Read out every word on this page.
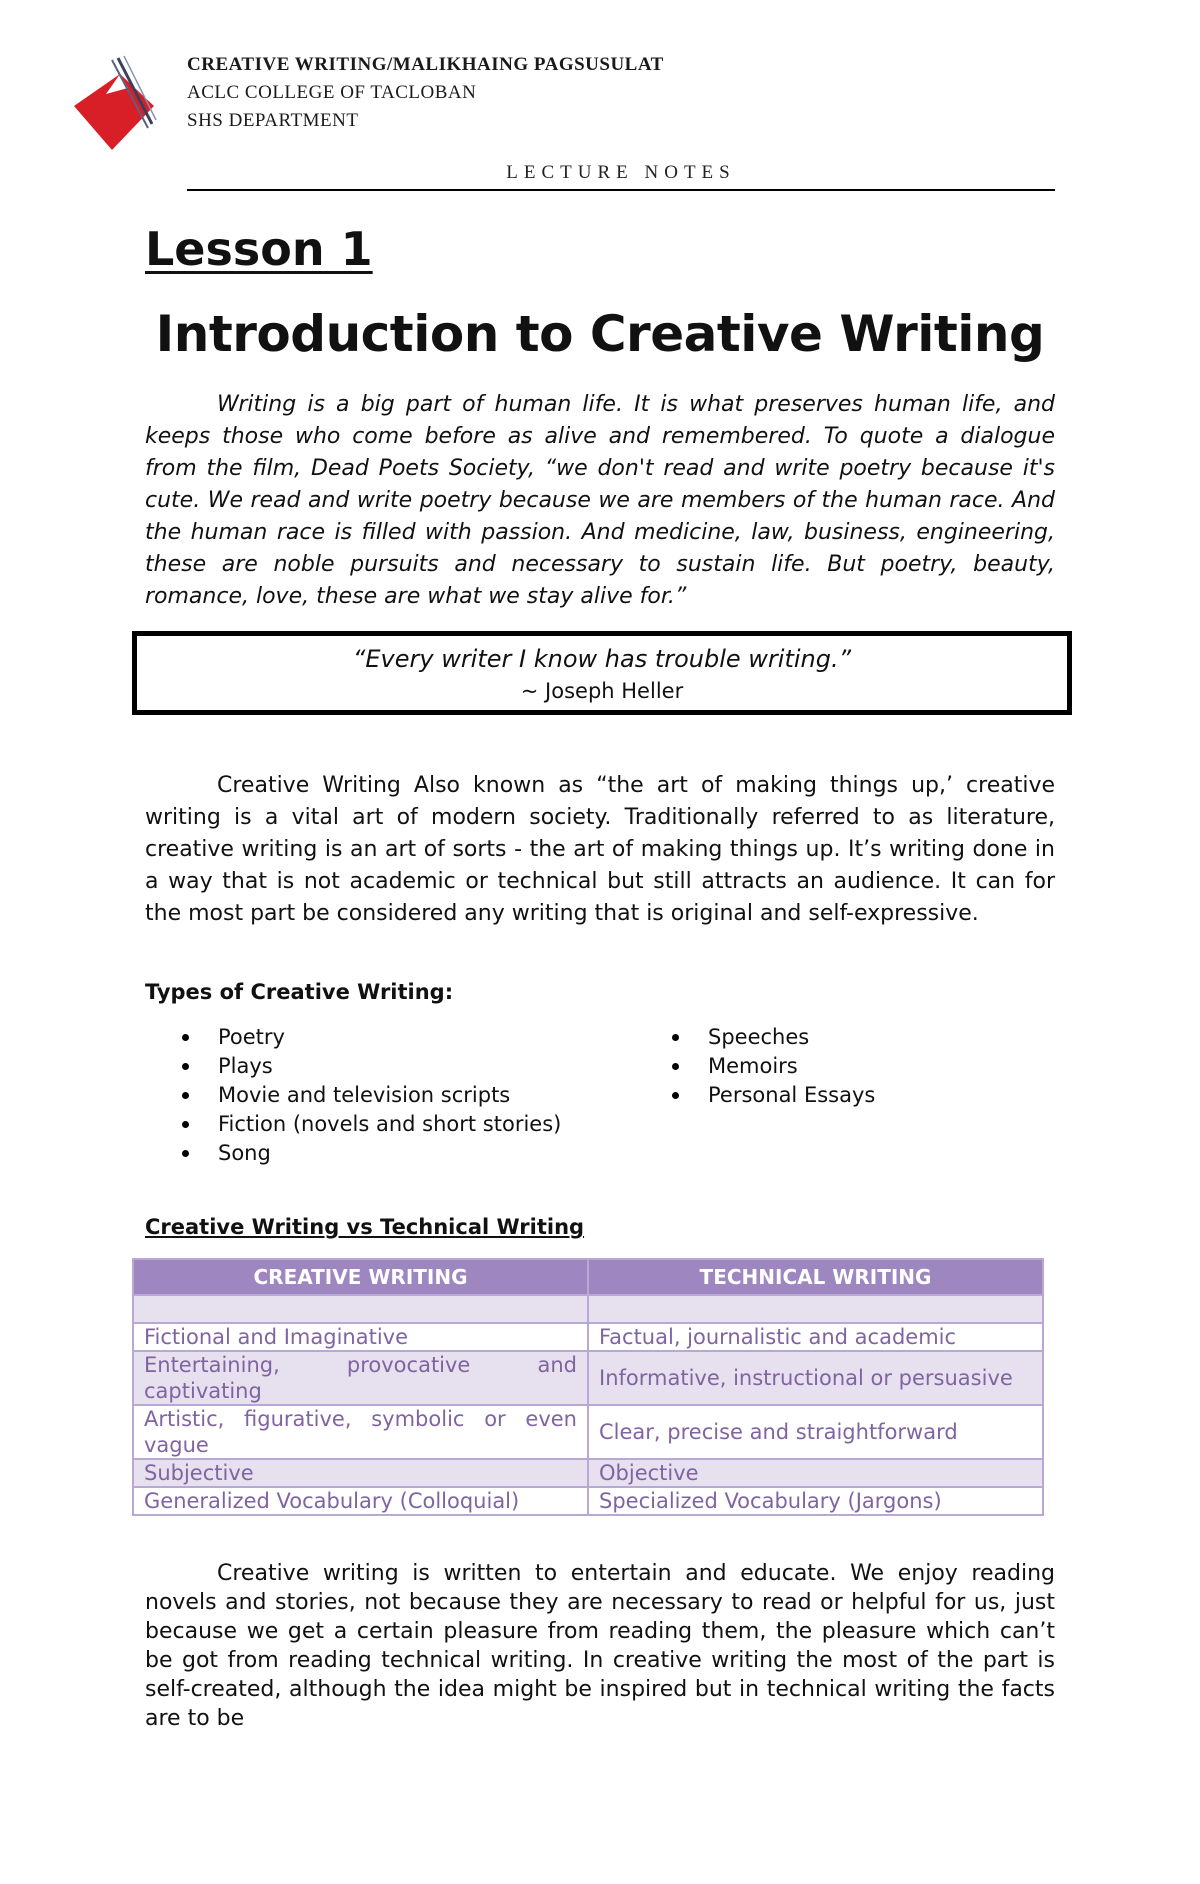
CREATIVE WRITING/MALIKHAING PAGSUSULAT
ACLC COLLEGE OF TACLOBAN
SHS DEPARTMENT
LECTURE NOTES
Lesson 1
Introduction to Creative Writing

Writing is a big part of human life. It is what preserves human life, and keeps those who come before as alive and remembered. To quote a dialogue from the film, Dead Poets Society, “we don't read and write poetry because it's cute. We read and write poetry because we are members of the human race. And the human race is filled with passion. And medicine, law, business, engineering, these are noble pursuits and necessary to sustain life. But poetry, beauty, romance, love, these are what we stay alive for.”

“Every writer I know has trouble writing.”
~ Joseph Heller

Creative Writing Also known as “the art of making things up,’ creative writing is a vital art of modern society. Traditionally referred to as literature, creative writing is an art of sorts - the art of making things up. It’s writing done in a way that is not academic or technical but still attracts an audience. It can for the most part be considered any writing that is original and self-expressive.

Types of Creative Writing:
Poetry
Plays
Movie and television scripts
Fiction (novels and short stories)
Song
Speeches
Memoirs
Personal Essays
Creative Writing vs Technical Writing
CREATIVE WRITING	TECHNICAL WRITING

Fictional and Imaginative	Factual, journalistic and academic
Entertaining, provocative and captivating	Informative, instructional or persuasive
Artistic, figurative, symbolic or even vague	Clear, precise and straightforward
Subjective	Objective
Generalized Vocabulary (Colloquial)	Specialized Vocabulary (Jargons)

Creative writing is written to entertain and educate. We enjoy reading novels and stories, not because they are necessary to read or helpful for us, just because we get a certain pleasure from reading them, the pleasure which can’t be got from reading technical writing. In creative writing the most of the part is self-created, although the idea might be inspired but in technical writing the facts are to be
